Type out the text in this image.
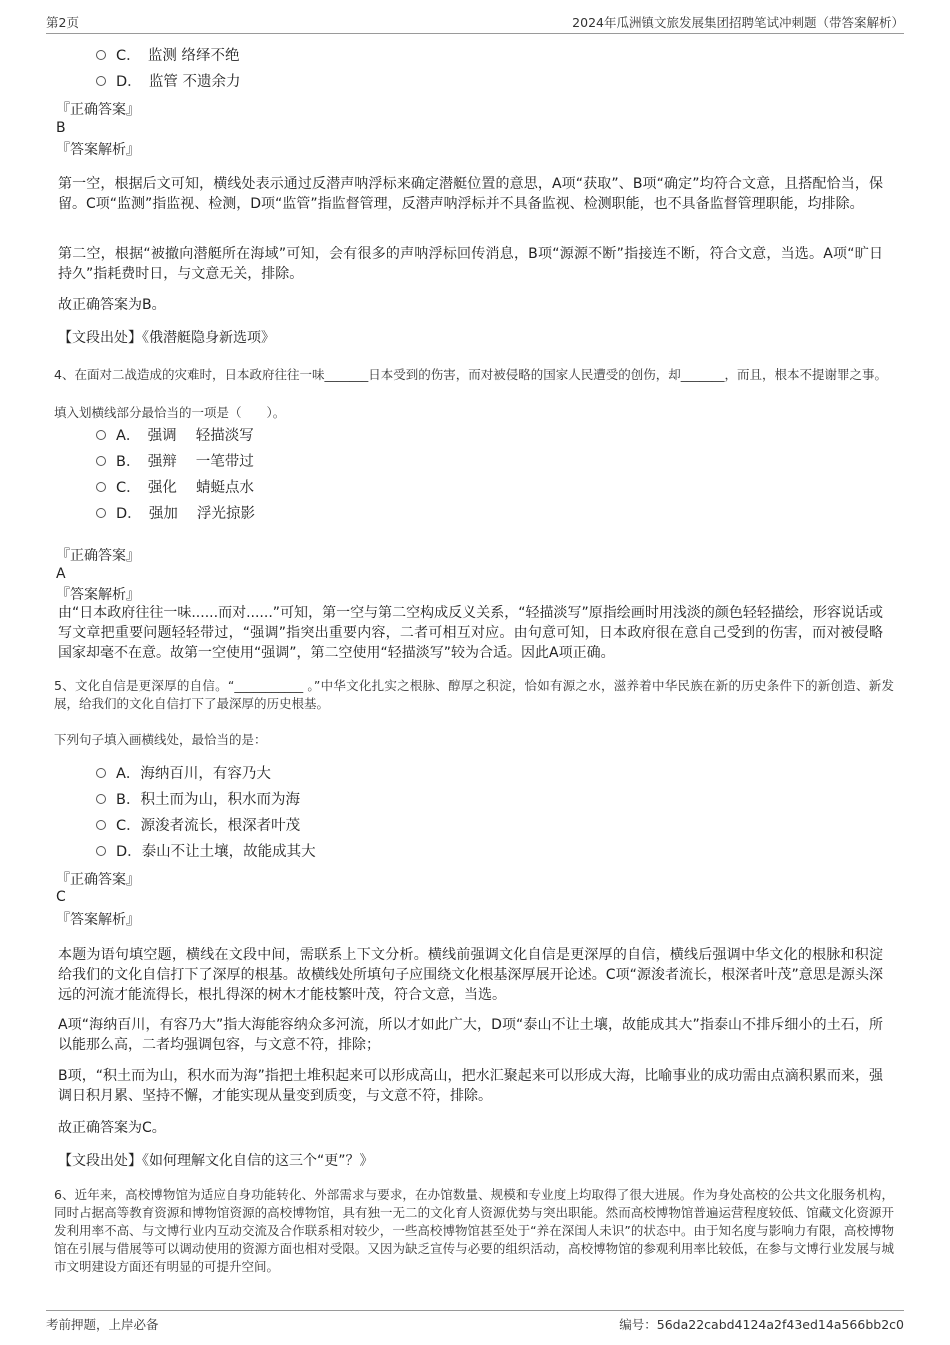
第2页	2024年瓜洲镇文旅发展集团招聘笔试冲刺题（带答案解析）
C．　监测 络绎不绝
D．　监管 不遗余力
『正确答案』
B
『答案解析』
第一空，根据后文可知，横线处表示通过反潜声呐浮标来确定潜艇位置的意思，A项“获取”、B项“确定”均符合文意，且搭配恰当，保留。C项“监测”指监视、检测，D项“监管”指监督管理，反潜声呐浮标并不具备监视、检测职能，也不具备监督管理职能，均排除。
第二空，根据“被撤向潜艇所在海域”可知，会有很多的声呐浮标回传消息，B项“源源不断”指接连不断，符合文意，当选。A项“旷日持久”指耗费时日，与文意无关，排除。
故正确答案为B。
【文段出处】《俄潜艇隐身新选项》
4、在面对二战造成的灾难时，日本政府往往一味_______日本受到的伤害，而对被侵略的国家人民遭受的创伤，却_______，而且，根本不提谢罪之事。
填入划横线部分最恰当的一项是（　　）。
A．　强调　 轻描淡写
B．　强辩　 一笔带过
C．　强化　 蜻蜓点水
D．　强加　 浮光掠影
『正确答案』
A
『答案解析』
由“日本政府往往一味......而对......”可知，第一空与第二空构成反义关系，“轻描淡写”原指绘画时用浅淡的颜色轻轻描绘，形容说话或写文章把重要问题轻轻带过，“强调”指突出重要内容，二者可相互对应。由句意可知，日本政府很在意自己受到的伤害，而对被侵略国家却毫不在意。故第一空使用“强调”，第二空使用“轻描淡写”较为合适。因此A项正确。
5、文化自信是更深厚的自信。“___________ 。”中华文化扎实之根脉、醇厚之积淀，恰如有源之水，滋养着中华民族在新的历史条件下的新创造、新发展，给我们的文化自信打下了最深厚的历史根基。
下列句子填入画横线处，最恰当的是：
A．海纳百川，有容乃大
B．积土而为山，积水而为海
C．源浚者流长，根深者叶茂
D．泰山不让土壤，故能成其大
『正确答案』
C
『答案解析』
本题为语句填空题，横线在文段中间，需联系上下文分析。横线前强调文化自信是更深厚的自信，横线后强调中华文化的根脉和积淀给我们的文化自信打下了深厚的根基。故横线处所填句子应围绕文化根基深厚展开论述。C项“源浚者流长，根深者叶茂”意思是源头深远的河流才能流得长，根扎得深的树木才能枝繁叶茂，符合文意，当选。
A项“海纳百川，有容乃大”指大海能容纳众多河流，所以才如此广大，D项“泰山不让土壤，故能成其大”指泰山不排斥细小的土石，所以能那么高，二者均强调包容，与文意不符，排除；
B项，“积土而为山，积水而为海”指把土堆积起来可以形成高山，把水汇聚起来可以形成大海，比喻事业的成功需由点滴积累而来，强调日积月累、坚持不懈，才能实现从量变到质变，与文意不符，排除。
故正确答案为C。
【文段出处】《如何理解文化自信的这三个“更”？》
6、近年来，高校博物馆为适应自身功能转化、外部需求与要求，在办馆数量、规模和专业度上均取得了很大进展。作为身处高校的公共文化服务机构，同时占据高等教育资源和博物馆资源的高校博物馆，具有独一无二的文化育人资源优势与突出职能。然而高校博物馆普遍运营程度较低、馆藏文化资源开发利用率不高、与文博行业内互动交流及合作联系相对较少，一些高校博物馆甚至处于“养在深闺人未识”的状态中。由于知名度与影响力有限，高校博物馆在引展与借展等可以调动使用的资源方面也相对受限。又因为缺乏宣传与必要的组织活动，高校博物馆的参观利用率比较低，在参与文博行业发展与城市文明建设方面还有明显的可提升空间。
考前押题，上岸必备	编号：56da22cabd4124a2f43ed14a566bb2c0
